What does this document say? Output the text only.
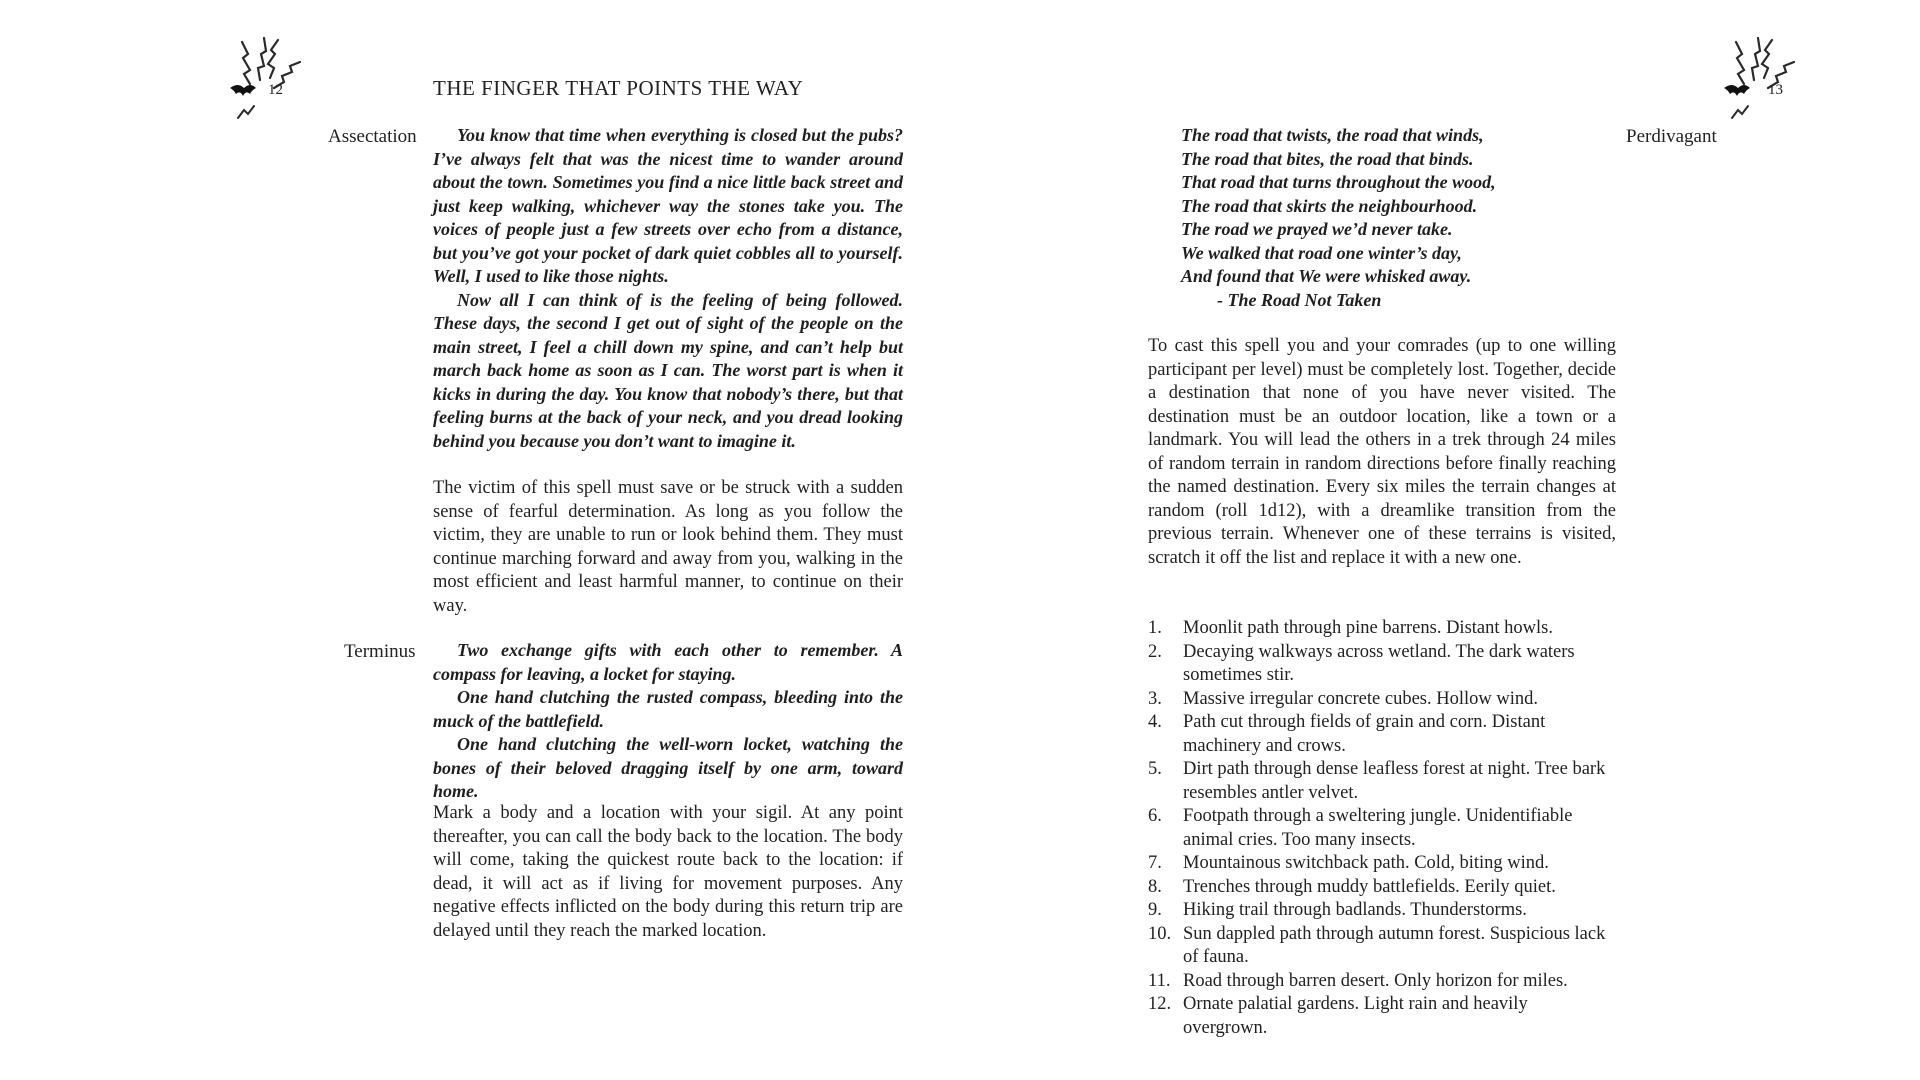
12	THE FINGER THAT POINTS THE WAY
Assectation	You know that time when everything is closed but the pubs? I’ve always felt that was the nicest time to wander around about the town. Sometimes you find a nice little back street and just keep walking, whichever way the stones take you. The voices of people just a few streets over echo from a distance, but you’ve got your pocket of dark quiet cobbles all to yourself. Well, I used to like those nights.

Now all I can think of is the feeling of being followed. These days, the second I get out of sight of the people on the main street, I feel a chill down my spine, and can’t help but march back home as soon as I can. The worst part is when it kicks in during the day. You know that nobody’s there, but that feeling burns at the back of your neck, and you dread looking behind you because you don’t want to imagine it.

The victim of this spell must save or be struck with a sudden sense of fearful determination. As long as you follow the victim, they are unable to run or look behind them. They must continue marching forward and away from you, walking in the most efficient and least harmful manner, to continue on their way.

Terminus	Two exchange gifts with each other to remember. A compass for leaving, a locket for staying.

One hand clutching the rusted compass, bleeding into the muck of the battlefield.

One hand clutching the well-worn locket, watching the bones of their beloved dragging itself by one arm, toward home.

Mark a body and a location with your sigil. At any point thereafter, you can call the body back to the location. The body will come, taking the quickest route back to the location: if dead, it will act as if living for movement purposes. Any negative effects inflicted on the body during this return trip are delayed until they reach the marked location.

13
Perdivagant
The road that twists, the road that winds,
The road that bites, the road that binds.
That road that turns throughout the wood,
The road that skirts the neighbourhood.
The road we prayed we’d never take.
We walked that road one winter’s day,
And found that We were whisked away.
- The Road Not Taken

To cast this spell you and your comrades (up to one willing participant per level) must be completely lost. Together, decide a destination that none of you have never visited. The destination must be an outdoor location, like a town or a landmark. You will lead the others in a trek through 24 miles of random terrain in random directions before finally reaching the named destination. Every six miles the terrain changes at random (roll 1d12), with a dreamlike transition from the previous terrain. Whenever one of these terrains is visited, scratch it off the list and replace it with a new one.

1.	Moonlit path through pine barrens. Distant howls.
2.	Decaying walkways across wetland. The dark waters sometimes stir.
3.	Massive irregular concrete cubes. Hollow wind.
4.	Path cut through fields of grain and corn. Distant machinery and crows.
5.	Dirt path through dense leafless forest at night. Tree bark resembles antler velvet.
6.	Footpath through a sweltering jungle. Unidentifiable animal cries. Too many insects.
7.	Mountainous switchback path. Cold, biting wind.
8.	Trenches through muddy battlefields. Eerily quiet.
9.	Hiking trail through badlands. Thunderstorms.
10. Sun dappled path through autumn forest. Suspicious lack of fauna.
11. Road through barren desert. Only horizon for miles.
12. Ornate palatial gardens. Light rain and heavily overgrown.
